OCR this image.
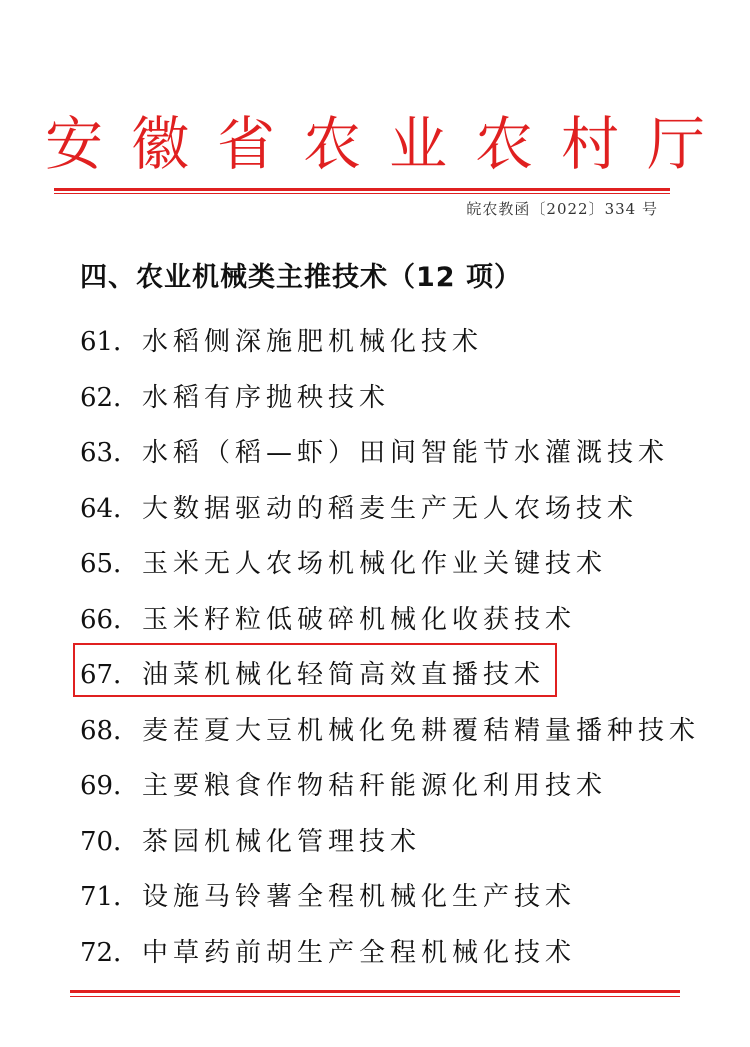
安徽省农业农村厅
皖农教函〔2022〕334 号
四、农业机械类主推技术（12 项）
61． 水稻侧深施肥机械化技术
62． 水稻有序抛秧技术
63． 水稻（稻—虾）田间智能节水灌溉技术
64． 大数据驱动的稻麦生产无人农场技术
65． 玉米无人农场机械化作业关键技术
66． 玉米籽粒低破碎机械化收获技术
67． 油菜机械化轻简高效直播技术
68． 麦茬夏大豆机械化免耕覆秸精量播种技术
69． 主要粮食作物秸秆能源化利用技术
70． 茶园机械化管理技术
71． 设施马铃薯全程机械化生产技术
72． 中草药前胡生产全程机械化技术
